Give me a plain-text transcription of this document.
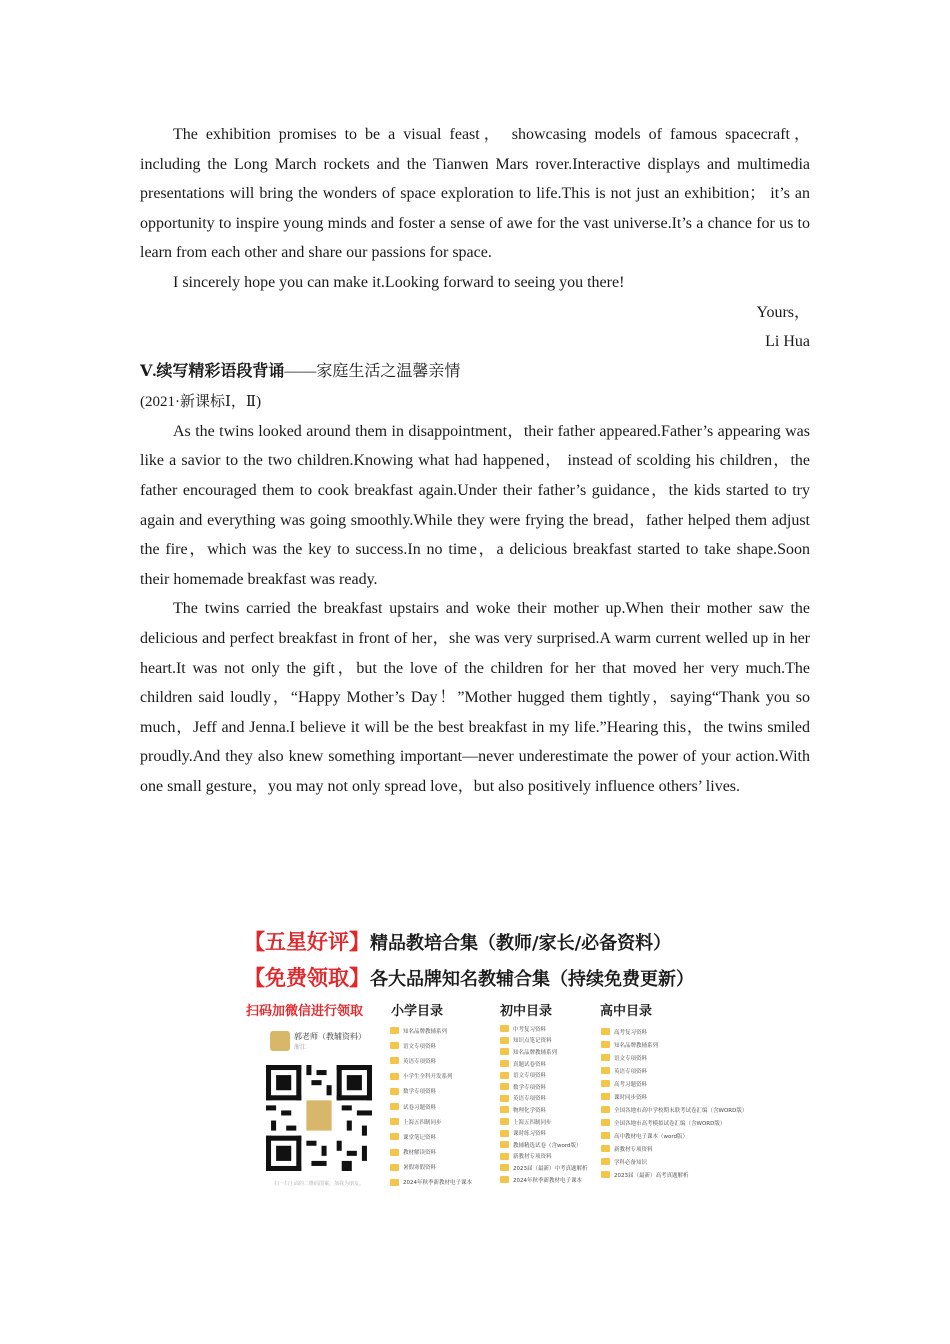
The exhibition promises to be a visual feast， showcasing models of famous spacecraft，including the Long March rockets and the Tianwen Mars rover.Interactive displays and multimedia presentations will bring the wonders of space exploration to life.This is not just an exhibition； it’s an opportunity to inspire young minds and foster a sense of awe for the vast universe.It’s a chance for us to learn from each other and share our passions for space.

I sincerely hope you can make it.Looking forward to seeing you there!

Yours，

Li Hua

Ⅴ.续写精彩语段背诵——家庭生活之温馨亲情
(2021·新课标Ⅰ，Ⅱ)

As the twins looked around them in disappointment，their father appeared.Father’s appearing was like a savior to the two children.Knowing what had happened， instead of scolding his children，the father encouraged them to cook breakfast again.Under their father’s guidance，the kids started to try again and everything was going smoothly.While they were frying the bread，father helped them adjust the fire，which was the key to success.In no time，a delicious breakfast started to take shape.Soon their homemade breakfast was ready.

The twins carried the breakfast upstairs and woke their mother up.When their mother saw the delicious and perfect breakfast in front of her，she was very surprised.A warm current welled up in her heart.It was not only the gift，but the love of the children for her that moved her very much.The children said loudly，“Happy Mother’s Day！”Mother hugged them tightly，saying“Thank you so much，Jeff and Jenna.I believe it will be the best breakfast in my life.”Hearing this，the twins smiled proudly.And they also knew something important—never underestimate the power of your action.With one small gesture，you may not only spread love，but also positively influence others’ lives.

【五星好评】精品教培合集（教师/家长/必备资料）
【免费领取】各大品牌知名教辅合集（持续免费更新）
扫码加微信进行领取 小学目录	初中目录	高中目录
郭老师（教辅资料）
浙江
扫一扫上面的二维码图案，加我为朋友。
知名品牌教辅系列
语文专项资料
英语专项资料
小学生全科开发系列
数学专项资料
试卷习题资料
上海五四制同步
课堂笔记资料
教材解读资料
暑假寒假资料
2024年秋季新教材电子课本
中考复习资料
知识点笔记资料
知名品牌教辅系列
真题试卷资料
语文专项资料
数学专项资料
英语专项资料
物理化学资料
上海五四制同步
课时练习资料
教辅精选试卷（含word版）
新教材专项资料
2023届（最新）中考真题解析
2024年秋季新教材电子课本
高考复习资料
知名品牌教辅系列
语文专项资料
英语专项资料
高考习题资料
课时同步资料
全国各地市高中学校期末联考试卷汇编（含WORD版）
全国各地市高考模拟试卷汇编（含WORD版）
高中教材电子课本（word版）
新教材专项资料
学科必备知识
2023届（最新）高考真题解析
